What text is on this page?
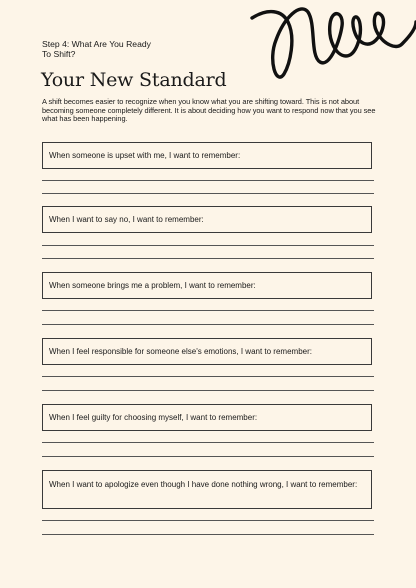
Step 4: What Are You Ready To Shift?
Your New Standard

A shift becomes easier to recognize when you know what you are shifting toward. This is not about becoming someone completely different. It is about deciding how you want to respond now that you see what has been happening.

When someone is upset with me, I want to remember:
When I want to say no, I want to remember:
When someone brings me a problem, I want to remember:
When I feel responsible for someone else's emotions, I want to remember:
When I feel guilty for choosing myself, I want to remember:
When I want to apologize even though I have done nothing wrong, I want to remember:
